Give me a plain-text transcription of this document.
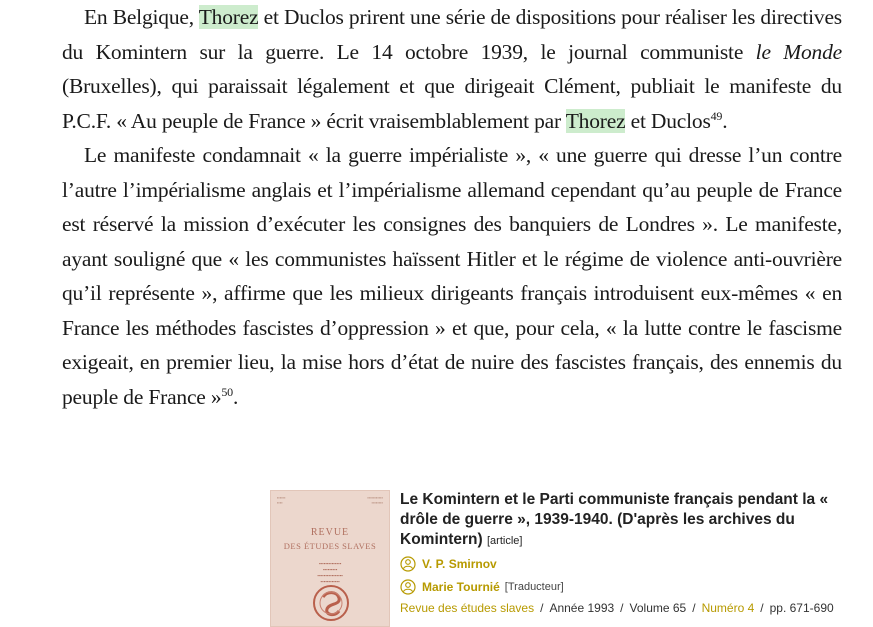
En Belgique, Thorez et Duclos prirent une série de dispositions pour réaliser les directives du Komintern sur la guerre. Le 14 octobre 1939, le journal communiste le Monde (Bruxelles), qui paraissait légalement et que dirigeait Clément, publiait le manifeste du P.C.F. « Au peuple de France » écrit vraisemblablement par Thorez et Duclos$^{49}$.

Le manifeste condamnait « la guerre impérialiste », « une guerre qui dresse l’un contre l’autre l’impérialisme anglais et l’impérialisme allemand cependant qu’au peuple de France est réservé la mission d’exécuter les consignes des banquiers de Londres ». Le manifeste, ayant souligné que « les communistes haïssent Hitler et le régime de violence anti-ouvrière qu’il représente », affirme que les milieux dirigeants français introduisent eux-mêmes « en France les méthodes fascistes d’oppression » et que, pour cela, « la lutte contre le fascisme exigeait, en premier lieu, la mise hors d’état de nuire des fascistes français, des ennemis du peuple de France »$^{50}$.

▪▪▪▪▪▪
▪▪▪▪
▪▪▪▪▪▪▪▪▪▪▪
▪▪▪▪▪▪▪▪
REVUE
DES ÉTUDES SLAVES
▪▪▪▪▪▪▪▪▪▪▪▪▪▪
▪▪▪▪▪▪▪▪▪
▪▪▪▪▪▪▪▪▪▪▪▪▪▪▪▪
▪▪▪▪▪▪▪▪▪▪▪▪

Le Komintern et le Parti communiste français pendant la « drôle de guerre », 1939-1940. (D'après les archives du Komintern) [article]

V. P. Smirnov
Marie Tournié [Traducteur]
Revue des études slaves / Année 1993 / Volume 65 / Numéro 4 / pp. 671-690
